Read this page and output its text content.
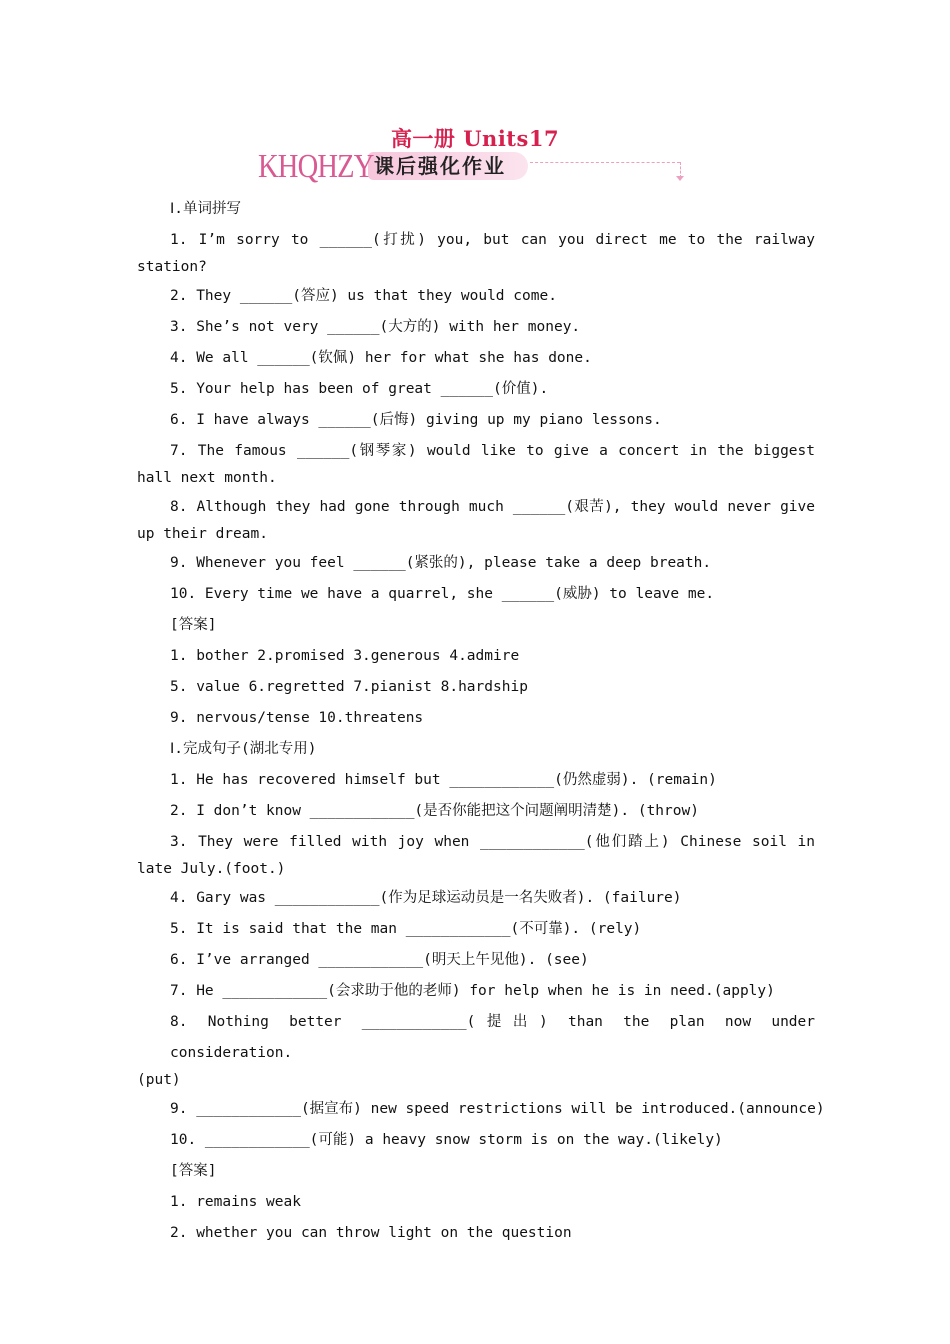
高一册 Units17
KHQHZY 课后强化作业
Ⅰ.单词拼写
1. I’m sorry to ______(打扰) you, but can you direct me to the railway
station?
2. They ______(答应) us that they would come.
3. She’s not very ______(大方的) with her money.
4. We all ______(钦佩) her for what she has done.
5. Your help has been of great ______(价值).
6. I have always ______(后悔) giving up my piano lessons.
7. The famous ______(钢琴家) would like to give a concert in the biggest
hall next month.
8. Although they had gone through much ______(艰苦), they would never give
up their dream.
9. Whenever you feel ______(紧张的), please take a deep breath.
10. Every time we have a quarrel, she ______(威胁) to leave me.
[答案]
1. bother 2.promised 3.generous 4.admire
5. value 6.regretted 7.pianist 8.hardship
9. nervous/tense 10.threatens
Ⅰ.完成句子(湖北专用)
1. He has recovered himself but ____________(仍然虚弱). (remain)
2. I don’t know ____________(是否你能把这个问题阐明清楚). (throw)
3. They were filled with joy when ____________(他们踏上) Chinese soil in
late July.(foot.)
4. Gary was ____________(作为足球运动员是一名失败者). (failure)
5. It is said that the man ____________(不可靠). (rely)
6. I’ve arranged ____________(明天上午见他). (see)
7. He ____________(会求助于他的老师) for help when he is in need.(apply)
8. Nothing better ____________(提出) than the plan now under consideration.
(put)
9. ____________(据宣布) new speed restrictions will be introduced.(announce)
10. ____________(可能) a heavy snow storm is on the way.(likely)
[答案]
1. remains weak
2. whether you can throw light on the question
